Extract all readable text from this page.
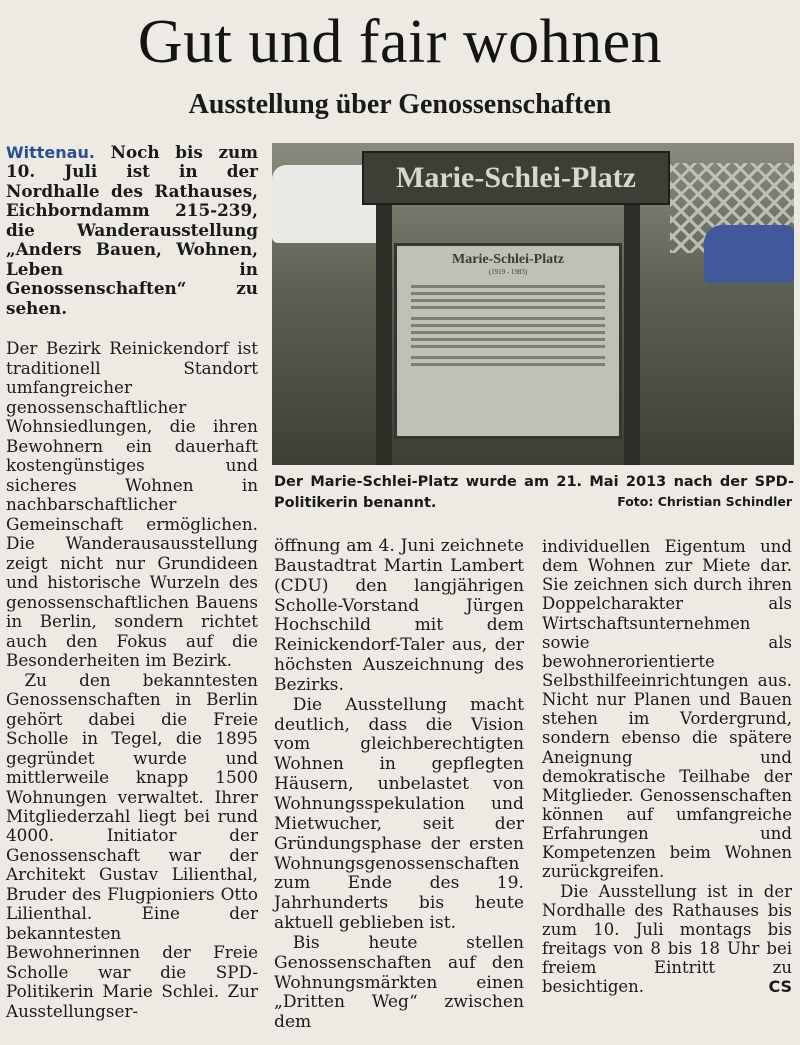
Gut und fair wohnen
Ausstellung über Genossenschaften

Wittenau. Noch bis zum 10. Juli ist in der Nordhalle des Rathauses, Eichborndamm 215-239, die Wanderausstellung „Anders Bauen, Wohnen, Leben in Genossenschaften“ zu sehen.

Der Bezirk Reinickendorf ist traditionell Standort umfangreicher genossenschaftlicher Wohnsiedlungen, die ihren Bewohnern ein dauerhaft kostengünstiges und sicheres Wohnen in nachbarschaftlicher Gemeinschaft ermöglichen. Die Wanderausausstellung zeigt nicht nur Grundideen und historische Wurzeln des genossenschaftlichen Bauens in Berlin, sondern richtet auch den Fokus auf die Besonderheiten im Bezirk.

Zu den bekanntesten Genossenschaften in Berlin gehört dabei die Freie Scholle in Tegel, die 1895 gegründet wurde und mittlerweile knapp 1500 Wohnungen verwaltet. Ihrer Mitgliederzahl liegt bei rund 4000. Initiator der Genossenschaft war der Architekt Gustav Lilienthal, Bruder des Flugpioniers Otto Lilienthal. Eine der bekanntesten Bewohnerinnen der Freie Scholle war die SPD-Politikerin Marie Schlei. Zur Ausstellungser-

Marie-Schlei-Platz
Marie-Schlei-Platz
(1919 - 1983)
Der Marie-Schlei-Platz wurde am 21. Mai 2013 nach der SPD-Politikerin benannt.	Foto: Christian Schindler

öffnung am 4. Juni zeichnete Baustadtrat Martin Lambert (CDU) den langjährigen Scholle-Vorstand Jürgen Hochschild mit dem Reinickendorf-Taler aus, der höchsten Auszeichnung des Bezirks.

Die Ausstellung macht deutlich, dass die Vision vom gleichberechtigten Wohnen in gepflegten Häusern, unbelastet von Wohnungsspekulation und Mietwucher, seit der Gründungsphase der ersten Wohnungsgenossenschaften zum Ende des 19. Jahrhunderts bis heute aktuell geblieben ist.

Bis heute stellen Genossenschaften auf den Wohnungsmärkten einen „Dritten Weg“ zwischen dem

individuellen Eigentum und dem Wohnen zur Miete dar. Sie zeichnen sich durch ihren Doppelcharakter als Wirtschaftsunternehmen sowie als bewohnerorientierte Selbsthilfeeinrichtungen aus. Nicht nur Planen und Bauen stehen im Vordergrund, sondern ebenso die spätere Aneignung und demokratische Teilhabe der Mitglieder. Genossenschaften können auf umfangreiche Erfahrungen und Kompetenzen beim Wohnen zurückgreifen.

Die Ausstellung ist in der Nordhalle des Rathauses bis zum 10. Juli montags bis freitags von 8 bis 18 Uhr bei freiem Eintritt zu besichtigen.	CS
